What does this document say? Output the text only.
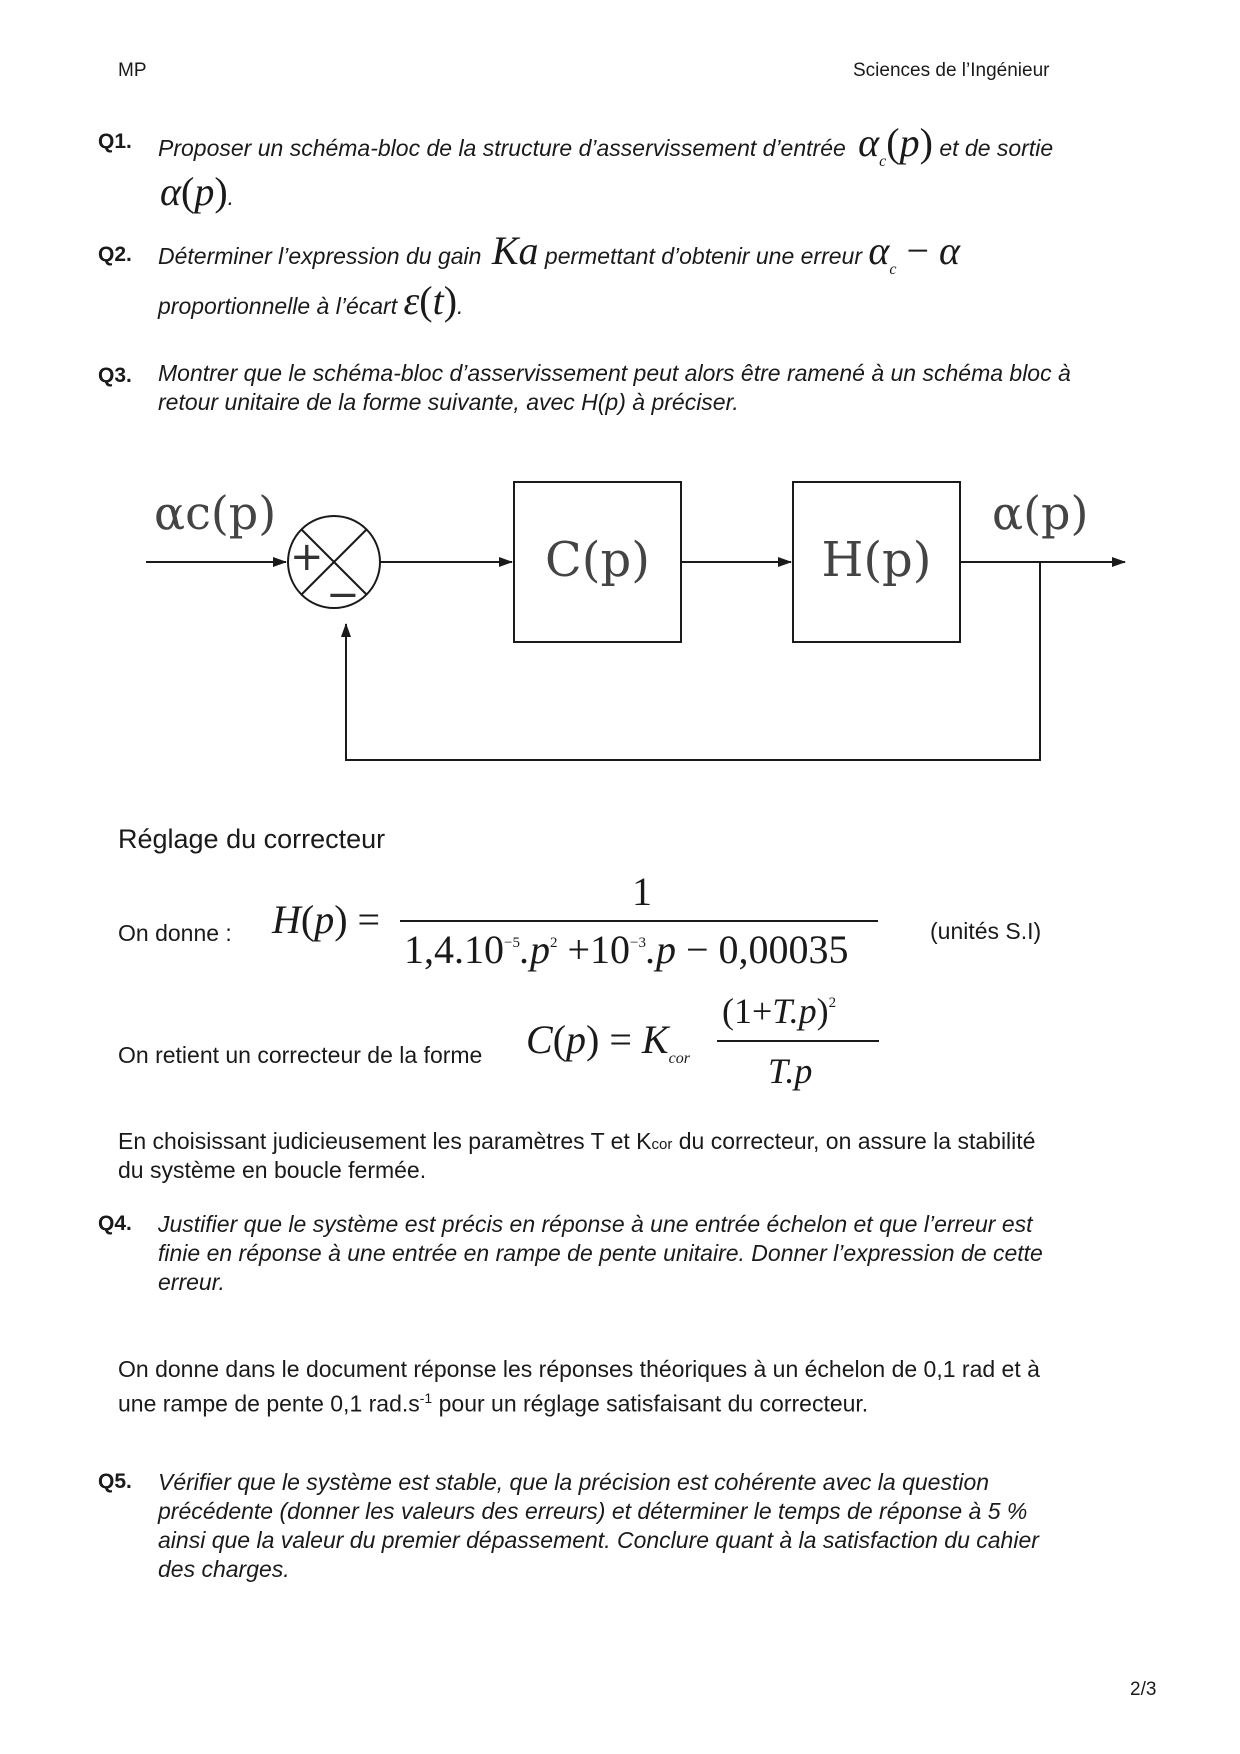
MP	Sciences de l’Ingénieur
Q1. Proposer un schéma-bloc de la structure d’asservissement d’entrée $\alpha_c(p)$ et de sortie
α(p).
Q2. Déterminer l’expression du gain Ka permettant d’obtenir une erreur $\alpha_c - \alpha$
proportionnelle à l’écart ε(t).
Q3. Montrer que le schéma-bloc d’asservissement peut alors être ramené à un schéma bloc à
retour unitaire de la forme suivante, avec H(p) à préciser.
αc(p)	α(p)
C(p)	H(p)
+
−
Réglage du correcteur
On donne : H(p) =
1
$1,4.10^{-5}.p^2 +10^{-3}.p - 0,00035$	(unités S.I)
On retient un correcteur de la forme $C(p) = K_{cor}$
$(1+T.p)^2$
T.p
En choisissant judicieusement les paramètres T et Kcor du correcteur, on assure la stabilité
du système en boucle fermée.
Q4. Justifier que le système est précis en réponse à une entrée échelon et que l’erreur est
finie en réponse à une entrée en rampe de pente unitaire. Donner l’expression de cette
erreur.
On donne dans le document réponse les réponses théoriques à un échelon de 0,1 rad et à
une rampe de pente 0,1 $rad.s^{-1}$ pour un réglage satisfaisant du correcteur.
Q5. Vérifier que le système est stable, que la précision est cohérente avec la question
précédente (donner les valeurs des erreurs) et déterminer le temps de réponse à 5 %
ainsi que la valeur du premier dépassement. Conclure quant à la satisfaction du cahier
des charges.
2/3
